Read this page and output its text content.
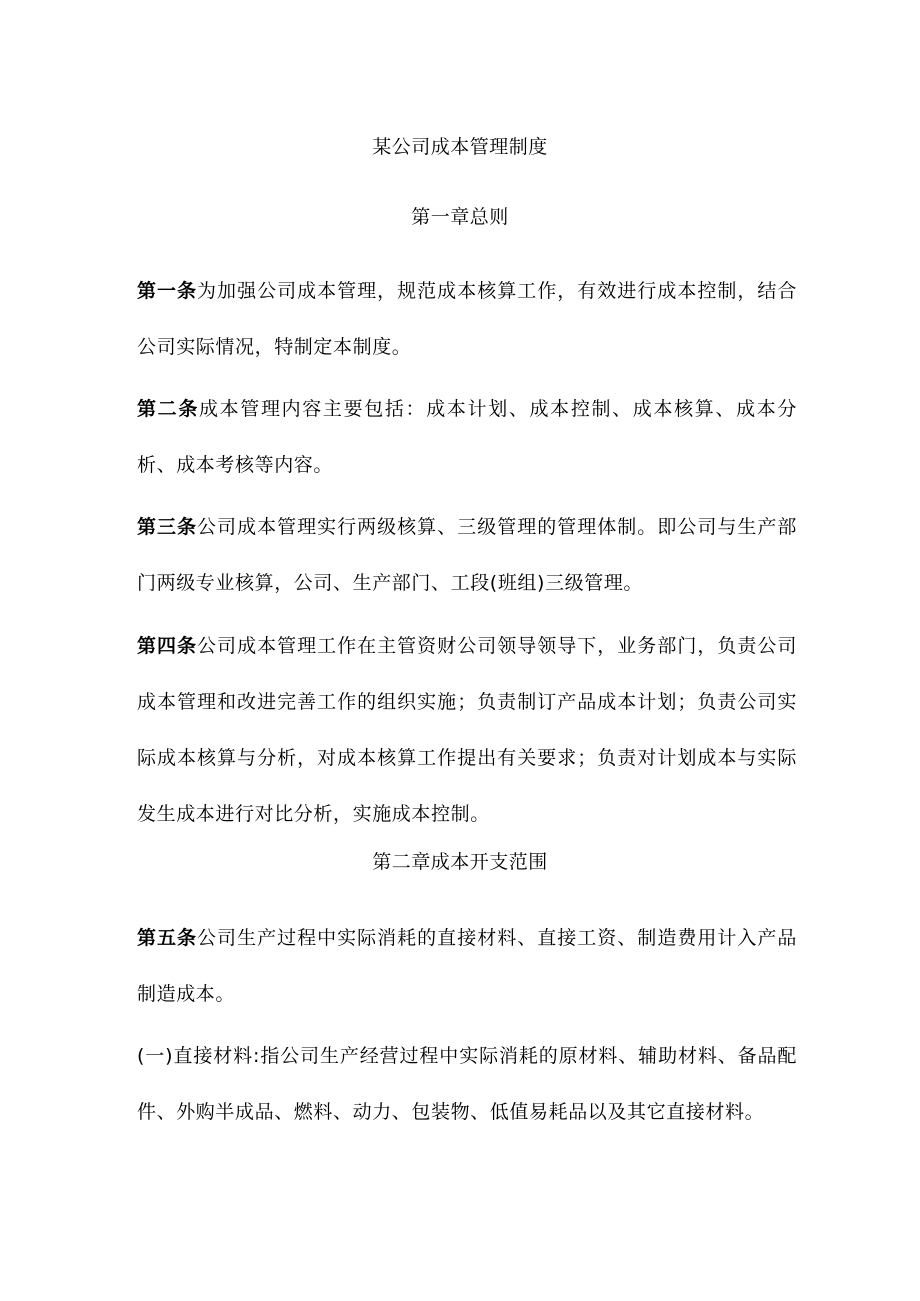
某公司成本管理制度
第一章总则
第一条为加强公司成本管理，规范成本核算工作，有效进行成本控制，结合公司实际情况，特制定本制度。
第二条成本管理内容主要包括：成本计划、成本控制、成本核算、成本分析、成本考核等内容。
第三条公司成本管理实行两级核算、三级管理的管理体制。即公司与生产部门两级专业核算，公司、生产部门、工段(班组)三级管理。
第四条公司成本管理工作在主管资财公司领导领导下，业务部门，负责公司成本管理和改进完善工作的组织实施；负责制订产品成本计划；负责公司实际成本核算与分析，对成本核算工作提出有关要求；负责对计划成本与实际发生成本进行对比分析，实施成本控制。
第二章成本开支范围
第五条公司生产过程中实际消耗的直接材料、直接工资、制造费用计入产品制造成本。
(一)直接材料:指公司生产经营过程中实际消耗的原材料、辅助材料、备品配件、外购半成品、燃料、动力、包装物、低值易耗品以及其它直接材料。
